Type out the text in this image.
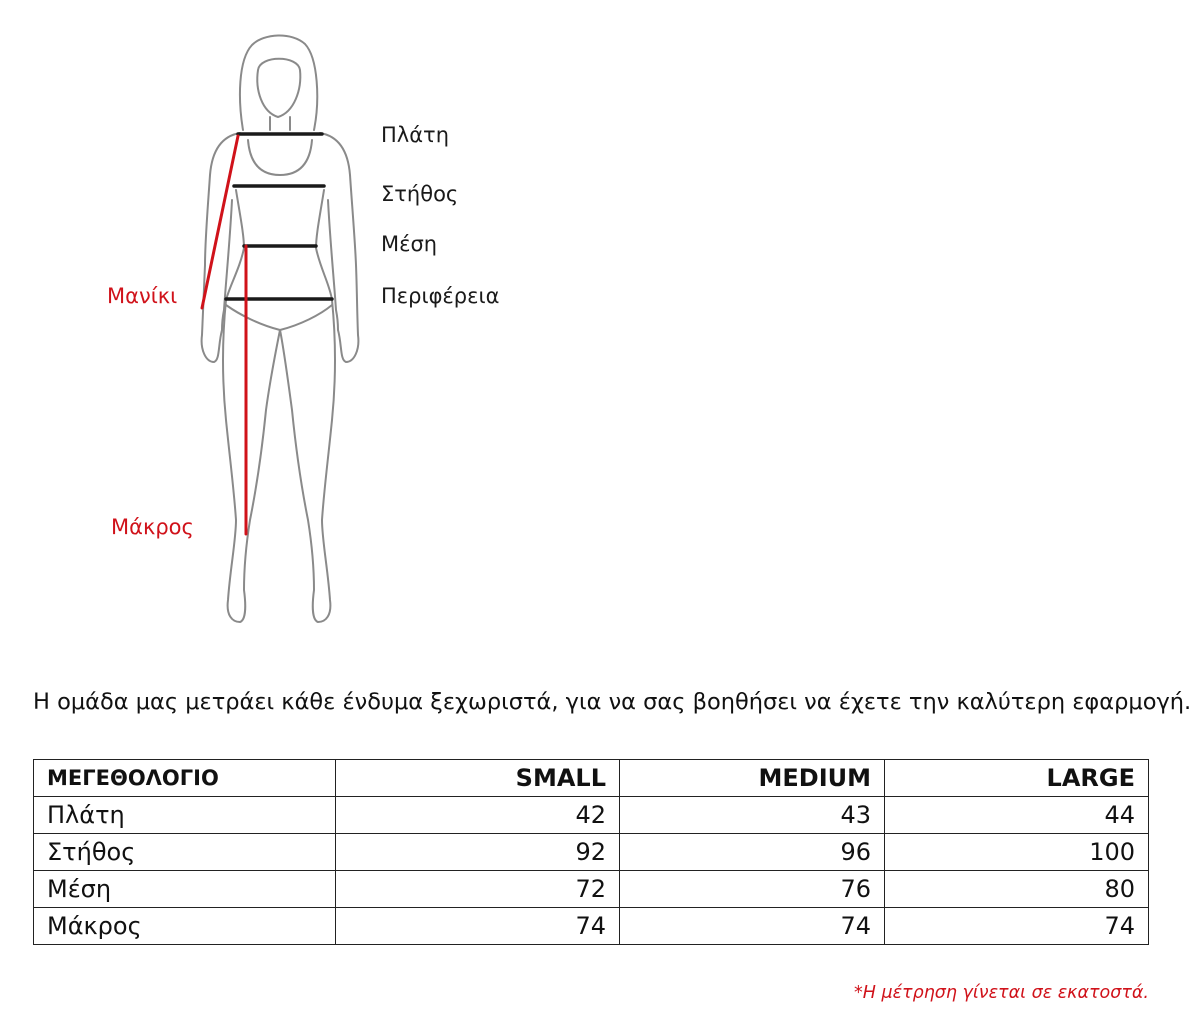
Πλάτη
Στήθος
Μέση
Περιφέρεια
Μανίκι
Μάκρος
Η ομάδα μας μετράει κάθε ένδυμα ξεχωριστά, για να σας βοηθήσει να έχετε την καλύτερη εφαρμογή.
ΜΕΓΕΘΟΛΟΓΙΟ	SMALL	MEDIUM	LARGE
Πλάτη	42	43	44
Στήθος	92	96	100
Μέση	72	76	80
Μάκρος	74	74	74
*Η μέτρηση γίνεται σε εκατοστά.
